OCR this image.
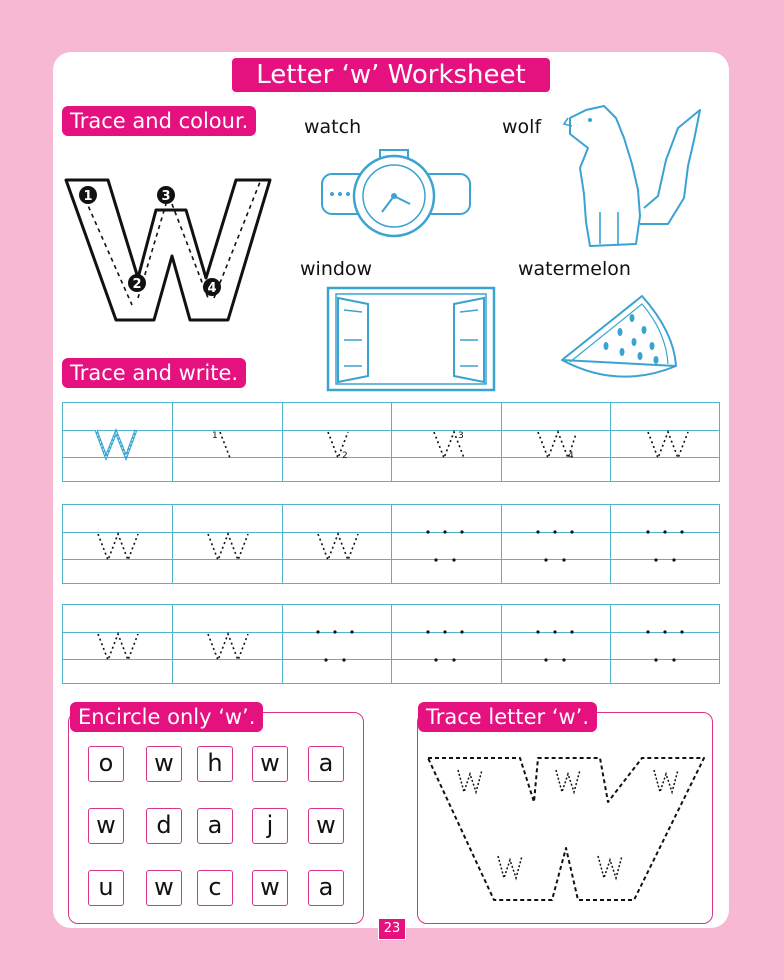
Letter ‘w’ Worksheet
Trace and colour.
1
2
3
4
watch	wolf
window	watermelon
Trace and write.
1
2
3
4
Encircle only ‘w’.
o	w	h	w	a
w	d	a	j	w
u	w	c	w	a
Trace letter ‘w’.
23
